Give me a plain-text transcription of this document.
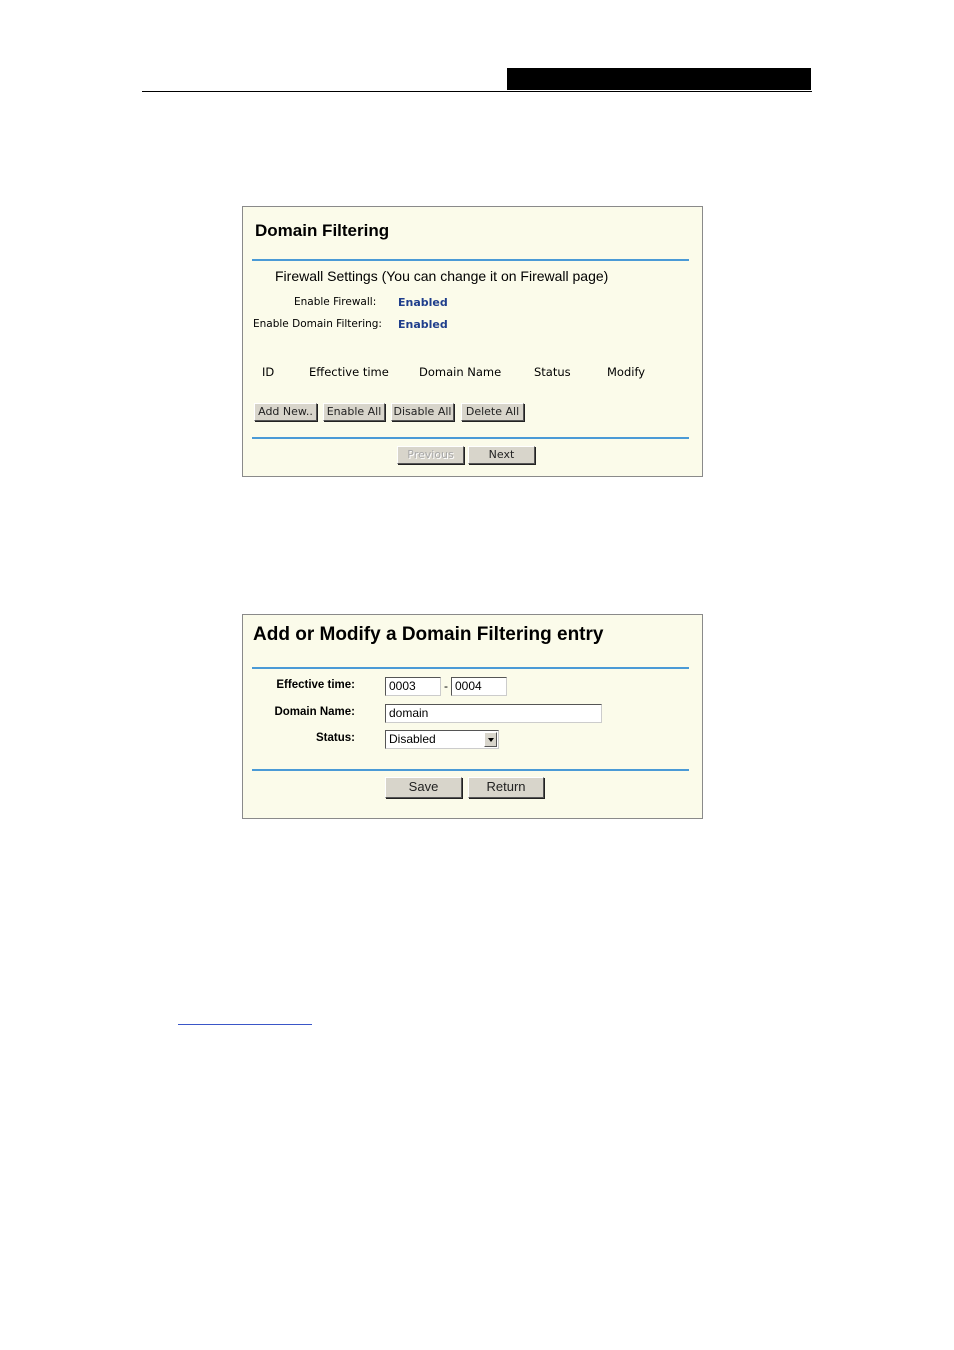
Domain Filtering
Firewall Settings (You can change it on Firewall page)
Enable Firewall: Enabled
Enable Domain Filtering: Enabled
ID	Effective time	Domain Name	Status	Modify
Add New..	Enable All	Disable All	Delete All
Previous	Next
Add or Modify a Domain Filtering entry
Effective time:	0003	- 0004
Domain Name:	domain
Status:	Disabled
Save	Return
